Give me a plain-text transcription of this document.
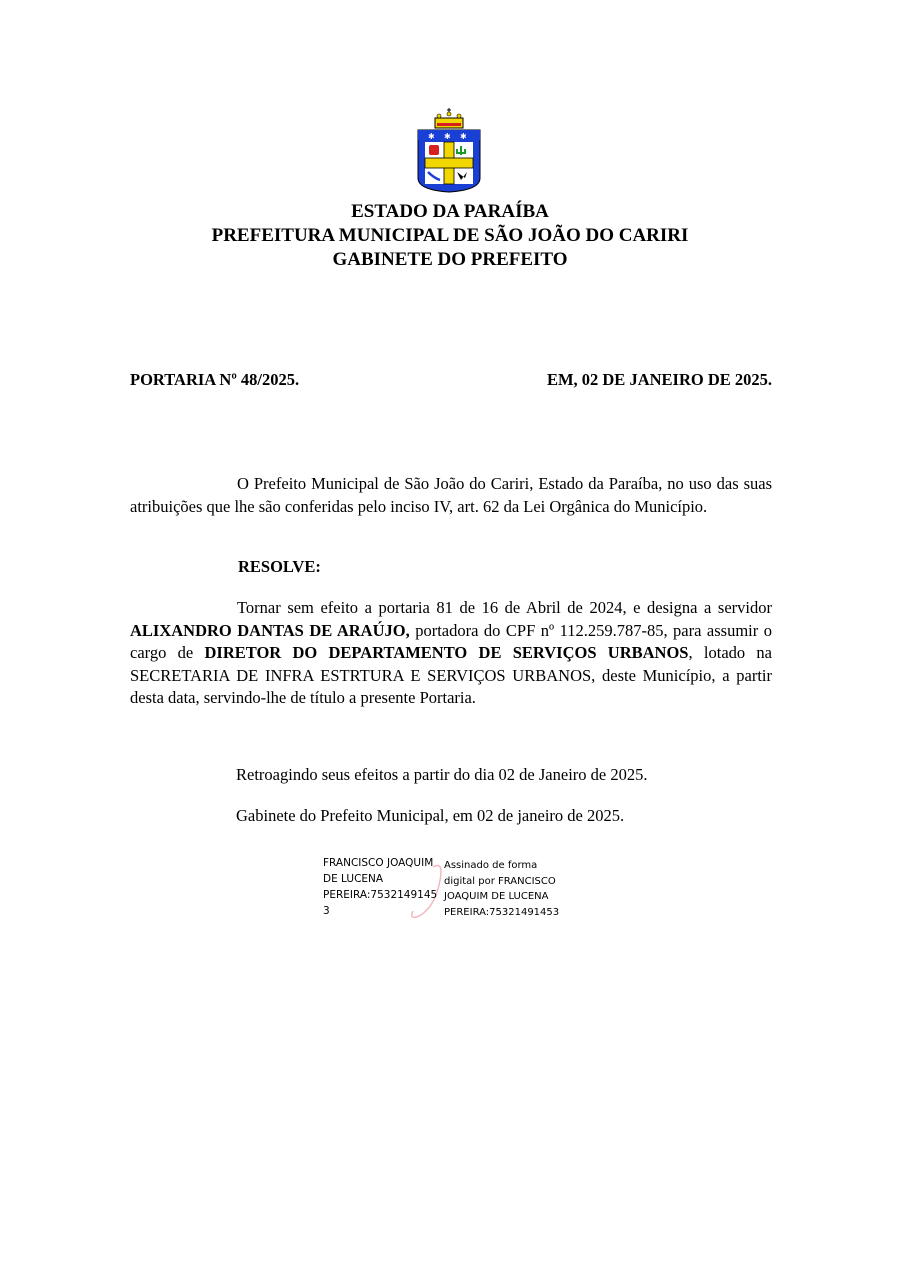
✱ ✱ ✱
ESTADO DA PARAÍBA
PREFEITURA MUNICIPAL DE SÃO JOÃO DO CARIRI
GABINETE DO PREFEITO
PORTARIA Nº 48/2025.	EM, 02 DE JANEIRO DE 2025.

O Prefeito Municipal de São João do Cariri, Estado da Paraíba, no uso das suas atribuições que lhe são conferidas pelo inciso IV, art. 62 da Lei Orgânica do Município.

RESOLVE:

Tornar sem efeito a portaria 81 de 16 de Abril de 2024, e designa a servidor ALIXANDRO DANTAS DE ARAÚJO, portadora do CPF nº 112.259.787-85, para assumir o cargo de DIRETOR DO DEPARTAMENTO DE SERVIÇOS URBANOS, lotado na SECRETARIA DE INFRA ESTRTURA E SERVIÇOS URBANOS, deste Município, a partir desta data, servindo-lhe de título a presente Portaria.

Retroagindo seus efeitos a partir do dia 02 de Janeiro de 2025.
Gabinete do Prefeito Municipal, em 02 de janeiro de 2025.
FRANCISCO JOAQUIM
DE LUCENA
PEREIRA:7532149145
3
Assinado de forma
digital por FRANCISCO
JOAQUIM DE LUCENA
PEREIRA:75321491453
